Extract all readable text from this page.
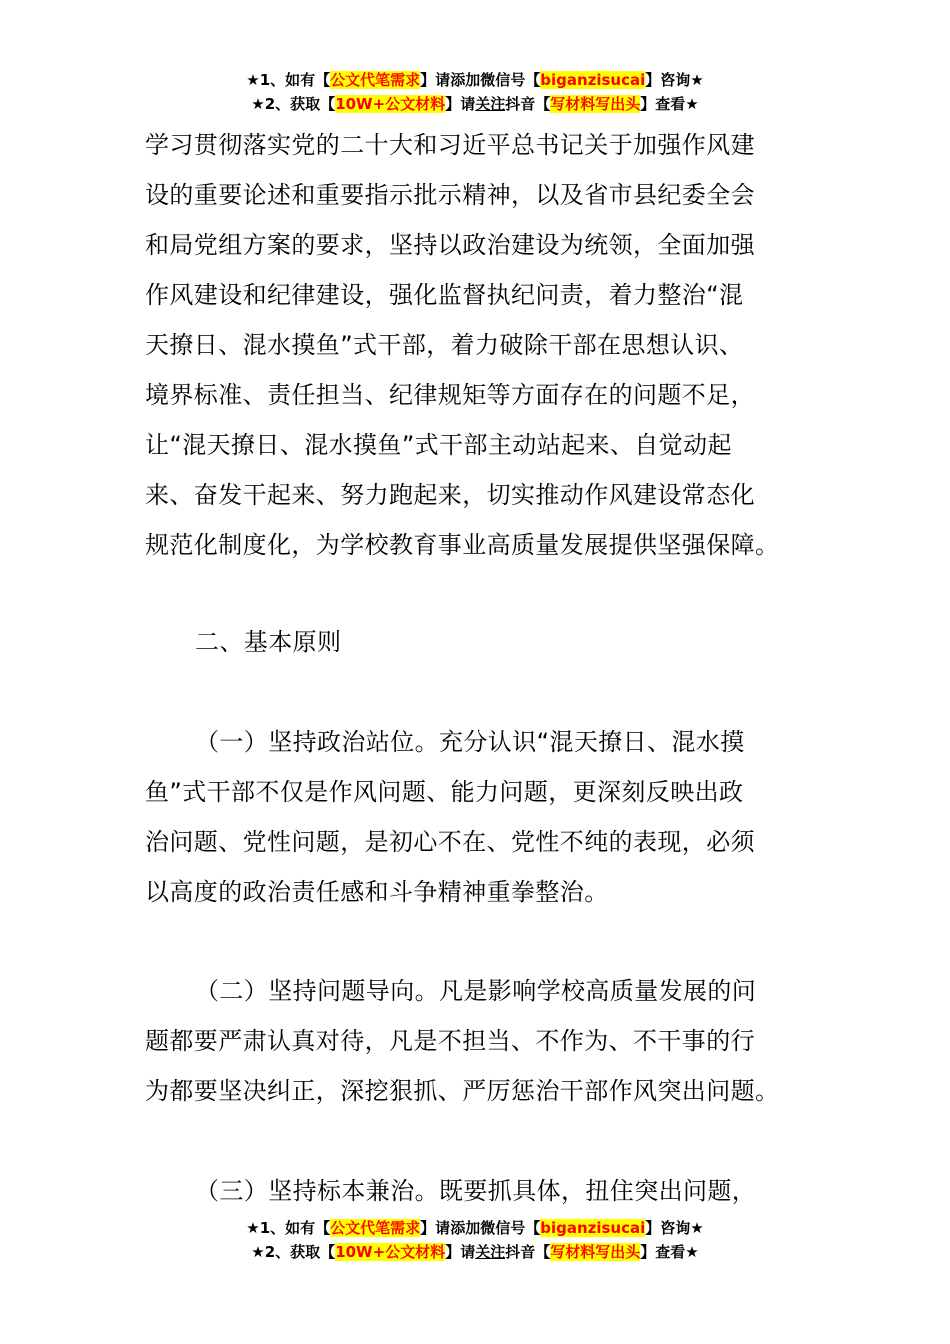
★1、如有【公文代笔需求】请添加微信号【biganzisucai】咨询★
★2、获取【10W+公文材料】请关注抖音【写材料写出头】查看★
学习贯彻落实党的二十大和习近平总书记关于加强作风建
设的重要论述和重要指示批示精神，以及省市县纪委全会
和局党组方案的要求，坚持以政治建设为统领，全面加强
作风建设和纪律建设，强化监督执纪问责，着力整治“混
天撩日、混水摸鱼”式干部，着力破除干部在思想认识、
境界标准、责任担当、纪律规矩等方面存在的问题不足，
让“混天撩日、混水摸鱼”式干部主动站起来、自觉动起
来、奋发干起来、努力跑起来，切实推动作风建设常态化
规范化制度化，为学校教育事业高质量发展提供坚强保障。
二、基本原则
（一）坚持政治站位。充分认识“混天撩日、混水摸
鱼”式干部不仅是作风问题、能力问题，更深刻反映出政
治问题、党性问题，是初心不在、党性不纯的表现，必须
以高度的政治责任感和斗争精神重拳整治。
（二）坚持问题导向。凡是影响学校高质量发展的问
题都要严肃认真对待，凡是不担当、不作为、不干事的行
为都要坚决纠正，深挖狠抓、严厉惩治干部作风突出问题。
（三）坚持标本兼治。既要抓具体，扭住突出问题，
★1、如有【公文代笔需求】请添加微信号【biganzisucai】咨询★
★2、获取【10W+公文材料】请关注抖音【写材料写出头】查看★
